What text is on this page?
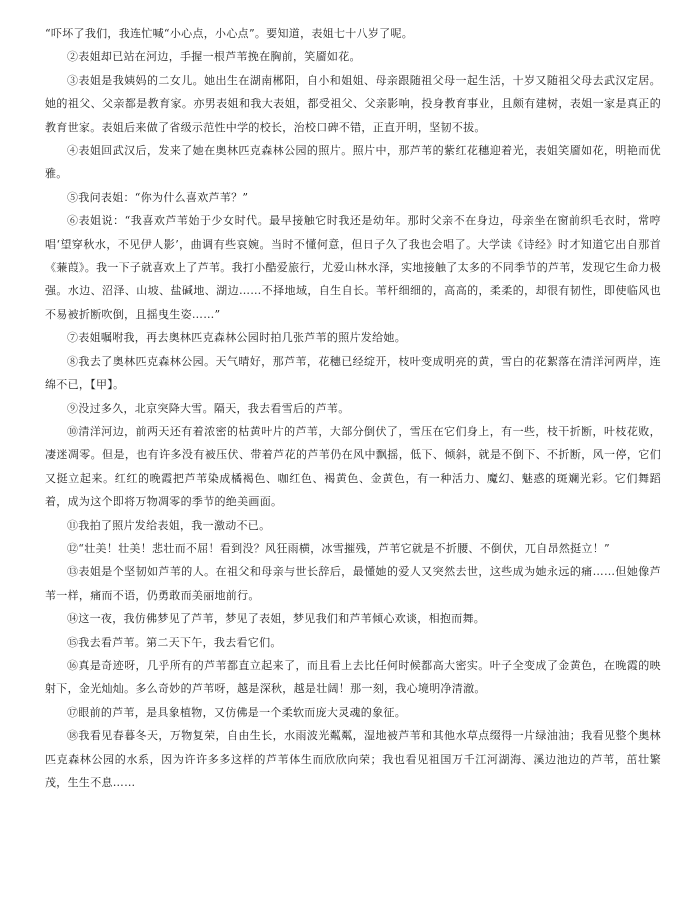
“吓坏了我们，我连忙喊“小心点，小心点”。要知道，表姐七十八岁了呢。

②表姐却已站在河边，手握一根芦苇挽在胸前，笑靥如花。

③表姐是我姨妈的二女儿。她出生在湖南郴阳，自小和姐姐、母亲跟随祖父母一起生活，十岁又随祖父母去武汉定居。她的祖父、父亲都是教育家。亦男表姐和我大表姐，都受祖父、父亲影响，投身教育事业，且颇有建树，表姐一家是真正的教育世家。表姐后来做了省级示范性中学的校长，治校口碑不错，正直开明，坚韧不拔。

④表姐回武汉后，发来了她在奥林匹克森林公园的照片。照片中，那芦苇的紫红花穗迎着光，表姐笑靥如花，明艳而优雅。

⑤我问表姐：“你为什么喜欢芦苇？”

⑥表姐说：“我喜欢芦苇始于少女时代。最早接触它时我还是幼年。那时父亲不在身边，母亲坐在窗前织毛衣时，常哼唱‘望穿秋水，不见伊人影’，曲调有些哀婉。当时不懂何意，但日子久了我也会唱了。大学读《诗经》时才知道它出自那首《蒹葭》。我一下子就喜欢上了芦苇。我打小酷爱旅行，尤爱山林水泽，实地接触了太多的不同季节的芦苇，发现它生命力极强。水边、沼泽、山坡、盐碱地、湖边……不择地域，自生自长。苇杆细细的，高高的，柔柔的，却很有韧性，即使临风也不易被折断吹倒，且摇曳生姿……”

⑦表姐嘱咐我，再去奥林匹克森林公园时拍几张芦苇的照片发给她。

⑧我去了奥林匹克森林公园。天气晴好，那芦苇，花穗已经绽开，枝叶变成明亮的黄，雪白的花絮落在清洋河两岸，连绵不已，【甲】。

⑨没过多久，北京突降大雪。隔天，我去看雪后的芦苇。

⑩清洋河边，前两天还有着浓密的枯黄叶片的芦苇，大部分倒伏了，雪压在它们身上，有一些，枝干折断，叶枝花败，凄迷凋零。但是，也有许多没有被压伏、带着芦花的芦苇仍在风中飘摇，低下、倾斜，就是不倒下、不折断，风一停，它们又挺立起来。红红的晚霞把芦苇染成橘褐色、咖红色、褐黄色、金黄色，有一种活力、魔幻、魅惑的斑斓光彩。它们舞蹈着，成为这个即将万物凋零的季节的绝美画面。

⑪我拍了照片发给表姐，我一激动不已。

⑫“壮美！壮美！悲壮而不屈！看到没？风狂雨横，冰雪摧残，芦苇它就是不折腰、不倒伏，兀自昂然挺立！”

⑬表姐是个坚韧如芦苇的人。在祖父和母亲与世长辞后，最懂她的爱人又突然去世，这些成为她永远的痛……但她像芦苇一样，痛而不语，仍勇敢而美丽地前行。

⑭这一夜，我仿佛梦见了芦苇，梦见了表姐，梦见我们和芦苇倾心欢谈，相抱而舞。

⑮我去看芦苇。第二天下午，我去看它们。

⑯真是奇迹呀，几乎所有的芦苇都直立起来了，而且看上去比任何时候都高大密实。叶子全变成了金黄色，在晚霞的映射下，金光灿灿。多么奇妙的芦苇呀，越是深秋，越是壮阔！那一刻，我心境明净清澈。

⑰眼前的芦苇，是具象植物，又仿佛是一个柔软而庞大灵魂的象征。

⑱我看见春暮冬天，万物复荣，自由生长，水雨波光粼粼，湿地被芦苇和其他水草点缀得一片绿油油；我看见整个奥林匹克森林公园的水系，因为许许多多这样的芦苇体生而欣欣向荣；我也看见祖国万千江河湖海、溪边池边的芦苇，茁壮繁茂，生生不息……
